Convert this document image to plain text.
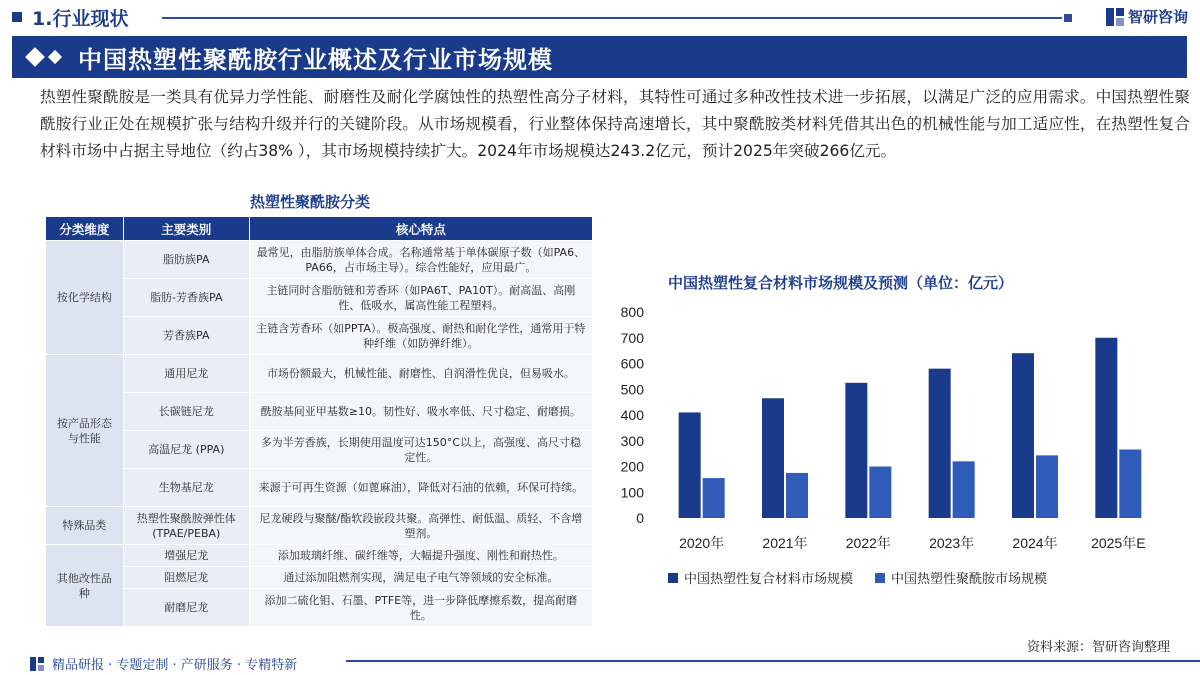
1.行业现状	智研咨询
中国热塑性聚酰胺行业概述及行业市场规模

热塑性聚酰胺是一类具有优异力学性能、耐磨性及耐化学腐蚀性的热塑性高分子材料，其特性可通过多种改性技术进一步拓展，以满足广泛的应用需求。中国热塑性聚酰胺行业正处在规模扩张与结构升级并行的关键阶段。从市场规模看，行业整体保持高速增长，其中聚酰胺类材料凭借其出色的机械性能与加工适应性，在热塑性复合材料市场中占据主导地位（约占38% ），其市场规模持续扩大。2024年市场规模达243.2亿元，预计2025年突破266亿元。

热塑性聚酰胺分类
分类维度	主要类别	核心特点
按化学结构	脂肪族PA	最常见，由脂肪族单体合成。名称通常基于单体碳原子数（如PA6、PA66，占市场主导）。综合性能好，应用最广。
	脂肪-芳香族PA	主链同时含脂肪链和芳香环（如PA6T、PA10T）。耐高温、高刚性、低吸水，属高性能工程塑料。
	芳香族PA	主链含芳香环（如PPTA）。极高强度、耐热和耐化学性，通常用于特种纤维（如防弹纤维）。
按产品形态与性能	通用尼龙	市场份额最大，机械性能、耐磨性、自润滑性优良，但易吸水。
	长碳链尼龙	酰胺基间亚甲基数≥10。韧性好、吸水率低、尺寸稳定、耐磨损。
	高温尼龙 (PPA)	多为半芳香族，长期使用温度可达150°C以上，高强度、高尺寸稳定性。
	生物基尼龙	来源于可再生资源（如蓖麻油），降低对石油的依赖，环保可持续。
特殊品类	热塑性聚酰胺弹性体 (TPAE/PEBA)	尼龙硬段与聚醚/酯软段嵌段共聚。高弹性、耐低温、质轻、不含增塑剂。
其他改性品种	增强尼龙	添加玻璃纤维、碳纤维等，大幅提升强度、刚性和耐热性。
	阻燃尼龙	通过添加阻燃剂实现，满足电子电气等领域的安全标准。
	耐磨尼龙	添加二硫化钼、石墨、PTFE等，进一步降低摩擦系数，提高耐磨性。
中国热塑性复合材料市场规模及预测（单位：亿元）
0
100
200
300
400
500
600
700
800
2020年	2021年	2022年	2023年	2024年 2025年E
中国热塑性复合材料市场规模	中国热塑性聚酰胺市场规模
资料来源：智研咨询整理
精品研报 · 专题定制 · 产研服务 · 专精特新
